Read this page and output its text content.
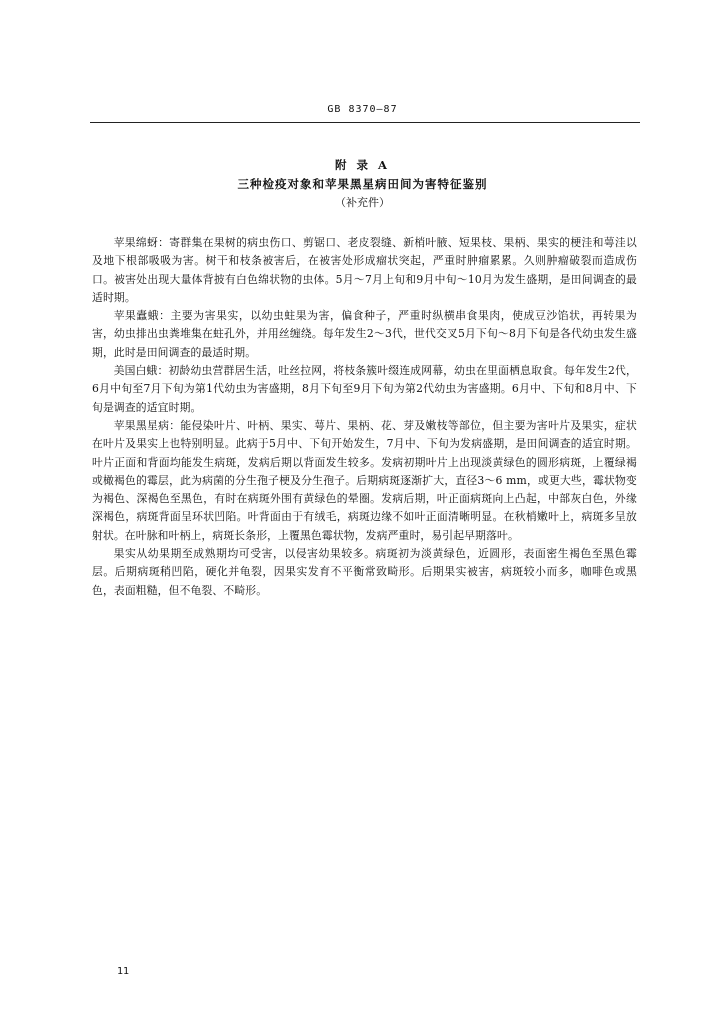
GB 8370—87
附 录 A
三种检疫对象和苹果黑星病田间为害特征鉴别
（补充件）

苹果绵蚜：寄群集在果树的病虫伤口、剪锯口、老皮裂缝、新梢叶腋、短果枝、果柄、果实的梗洼和萼洼以及地下根部吸吸为害。树干和枝条被害后，在被害处形成瘤状突起，严重时肿瘤累累。久则肿瘤破裂而造成伤口。被害处出现大量体背披有白色绵状物的虫体。5月～7月上旬和9月中旬～10月为发生盛期，是田间调查的最适时期。

苹果蠹蛾：主要为害果实，以幼虫蛀果为害，偏食种子，严重时纵横串食果肉，使成豆沙馅状，再转果为害，幼虫排出虫粪堆集在蛀孔外，并用丝缠绕。每年发生2～3代，世代交叉5月下旬～8月下旬是各代幼虫发生盛期，此时是田间调查的最适时期。

美国白蛾：初龄幼虫营群居生活，吐丝拉网，将枝条簇叶缀连成网幕，幼虫在里面栖息取食。每年发生2代，6月中旬至7月下旬为第1代幼虫为害盛期，8月下旬至9月下旬为第2代幼虫为害盛期。6月中、下旬和8月中、下旬是调查的适宜时期。

苹果黑星病：能侵染叶片、叶柄、果实、萼片、果柄、花、芽及嫩枝等部位，但主要为害叶片及果实，症状在叶片及果实上也特别明显。此病于5月中、下旬开始发生，7月中、下旬为发病盛期，是田间调查的适宜时期。叶片正面和背面均能发生病斑，发病后期以背面发生较多。发病初期叶片上出现淡黄绿色的圆形病斑，上覆绿褐或橄褐色的霉层，此为病菌的分生孢子梗及分生孢子。后期病斑逐渐扩大，直径3～6 mm，或更大些，霉状物变为褐色、深褐色至黑色，有时在病斑外围有黄绿色的晕圈。发病后期，叶正面病斑向上凸起，中部灰白色，外缘深褐色，病斑背面呈环状凹陷。叶背面由于有绒毛，病斑边缘不如叶正面清晰明显。在秋梢嫩叶上，病斑多呈放射状。在叶脉和叶柄上，病斑长条形，上覆黑色霉状物，发病严重时，易引起早期落叶。

果实从幼果期至成熟期均可受害，以侵害幼果较多。病斑初为淡黄绿色，近圆形，表面密生褐色至黑色霉层。后期病斑稍凹陷，硬化并龟裂，因果实发育不平衡常致畸形。后期果实被害，病斑较小而多，咖啡色或黑色，表面粗糙，但不龟裂、不畸形。

11
